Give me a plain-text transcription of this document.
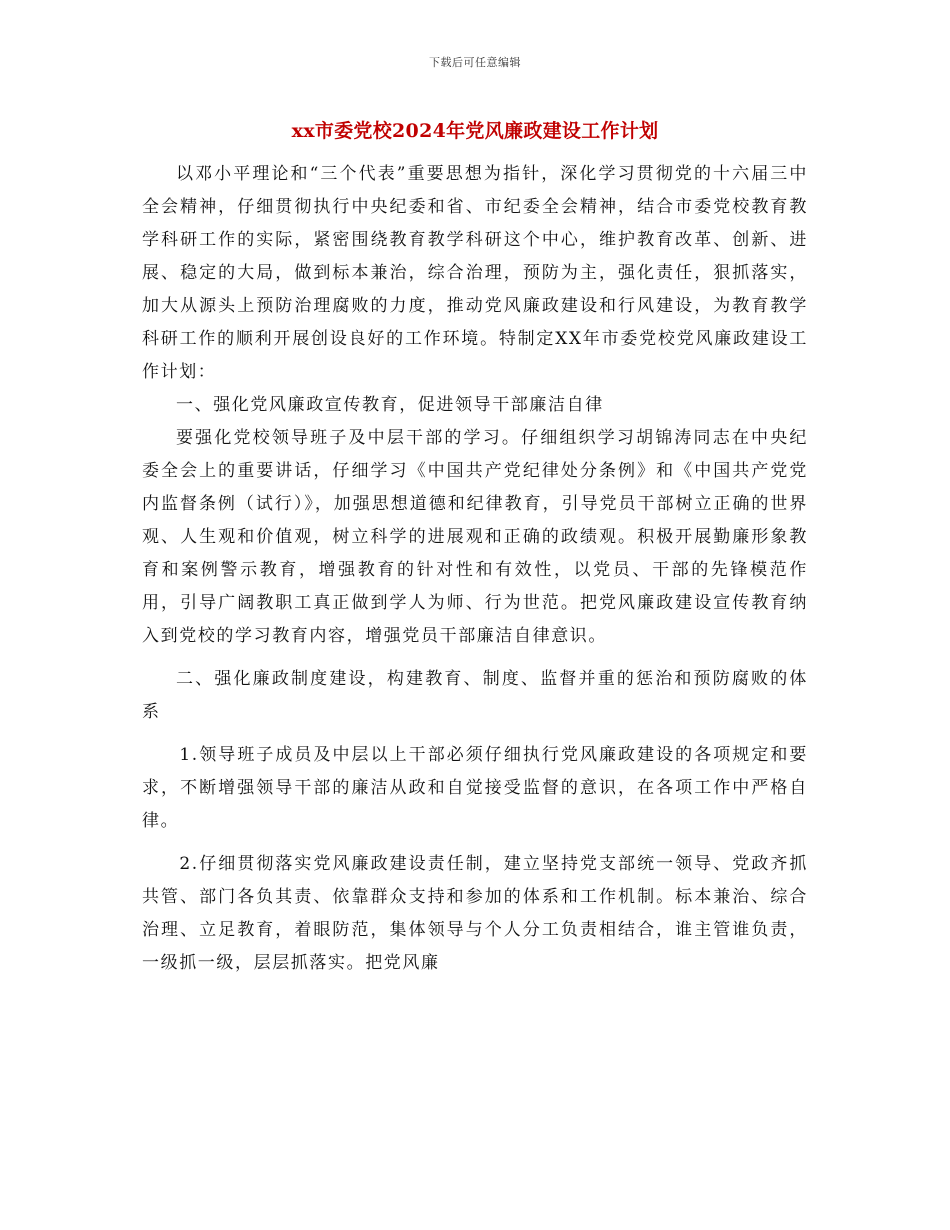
下载后可任意编辑
xx市委党校2024年党风廉政建设工作计划

以邓小平理论和“三个代表”重要思想为指针，深化学习贯彻党的十六届三中全会精神，仔细贯彻执行中央纪委和省、市纪委全会精神，结合市委党校教育教学科研工作的实际，紧密围绕教育教学科研这个中心，维护教育改革、创新、进展、稳定的大局，做到标本兼治，综合治理，预防为主，强化责任，狠抓落实，加大从源头上预防治理腐败的力度，推动党风廉政建设和行风建设，为教育教学科研工作的顺利开展创设良好的工作环境。特制定XX年市委党校党风廉政建设工作计划：

一、强化党风廉政宣传教育，促进领导干部廉洁自律

要强化党校领导班子及中层干部的学习。仔细组织学习胡锦涛同志在中央纪委全会上的重要讲话，仔细学习《中国共产党纪律处分条例》和《中国共产党党内监督条例（试行）》，加强思想道德和纪律教育，引导党员干部树立正确的世界观、人生观和价值观，树立科学的进展观和正确的政绩观。积极开展勤廉形象教育和案例警示教育，增强教育的针对性和有效性，以党员、干部的先锋模范作用，引导广阔教职工真正做到学人为师、行为世范。把党风廉政建设宣传教育纳入到党校的学习教育内容，增强党员干部廉洁自律意识。

二、强化廉政制度建设，构建教育、制度、监督并重的惩治和预防腐败的体系

1.领导班子成员及中层以上干部必须仔细执行党风廉政建设的各项规定和要求，不断增强领导干部的廉洁从政和自觉接受监督的意识，在各项工作中严格自律。

2.仔细贯彻落实党风廉政建设责任制，建立坚持党支部统一领导、党政齐抓共管、部门各负其责、依靠群众支持和参加的体系和工作机制。标本兼治、综合治理、立足教育，着眼防范，集体领导与个人分工负责相结合，谁主管谁负责，一级抓一级，层层抓落实。把党风廉
